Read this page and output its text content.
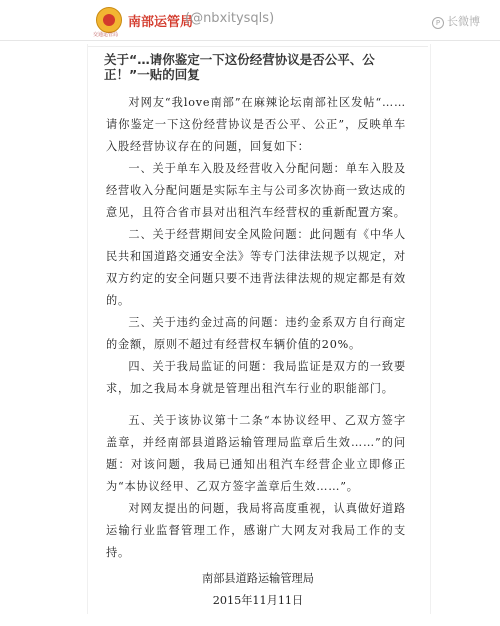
交通运管局
南部运管局
(@nbxitysqls)	P 长微博
关于“…请你鉴定一下这份经营协议是否公平、公正！”一贴的回复

对网友“我love南部”在麻辣论坛南部社区发帖“……请你鉴定一下这份经营协议是否公平、公正”，反映单车入股经营协议存在的问题，回复如下：

一、关于单车入股及经营收入分配问题：单车入股及经营收入分配问题是实际车主与公司多次协商一致达成的意见，且符合省市县对出租汽车经营权的重新配置方案。

二、关于经营期间安全风险问题：此问题有《中华人民共和国道路交通安全法》等专门法律法规予以规定，对双方约定的安全问题只要不违背法律法规的规定都是有效的。

三、关于违约金过高的问题：违约金系双方自行商定的金额，原则不超过有经营权车辆价值的20%。

四、关于我局监证的问题：我局监证是双方的一致要求，加之我局本身就是管理出租汽车行业的职能部门。

五、关于该协议第十二条“本协议经甲、乙双方签字盖章，并经南部县道路运输管理局监章后生效……”的问题：对该问题，我局已通知出租汽车经营企业立即修正为“本协议经甲、乙双方签字盖章后生效……”。

对网友提出的问题，我局将高度重视，认真做好道路运输行业监督管理工作，感谢广大网友对我局工作的支持。

南部县道路运输管理局
2015年11月11日
